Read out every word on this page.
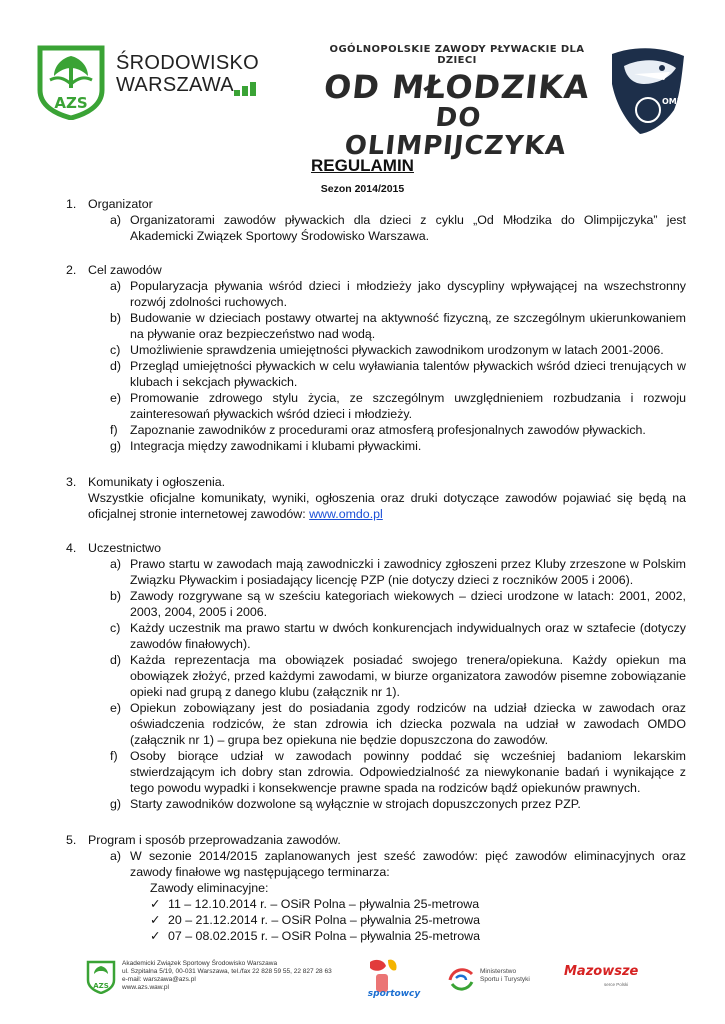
AZS
ŚRODOWISKO
WARSZAWA
OGÓLNOPOLSKIE ZAWODY PŁYWACKIE DLA DZIECI
OD MŁODZIKA
DO OLIMPIJCZYKA
OMDO
REGULAMIN
Sezon 2014/2015
1. Organizator
a) Organizatorami zawodów pływackich dla dzieci z cyklu „Od Młodzika do Olimpijczyka” jest Akademicki Związek Sportowy Środowisko Warszawa.
2. Cel zawodów
a) Popularyzacja pływania wśród dzieci i młodzieży jako dyscypliny wpływającej na wszechstronny rozwój zdolności ruchowych.
b) Budowanie w dzieciach postawy otwartej na aktywność fizyczną, ze szczególnym ukierunkowaniem na pływanie oraz bezpieczeństwo nad wodą.
c) Umożliwienie sprawdzenia umiejętności pływackich zawodnikom urodzonym w latach 2001-2006.
d) Przegląd umiejętności pływackich w celu wyławiania talentów pływackich wśród dzieci trenujących w klubach i sekcjach pływackich.
e) Promowanie zdrowego stylu życia, ze szczególnym uwzględnieniem rozbudzania i rozwoju zainteresowań pływackich wśród dzieci i młodzieży.
f) Zapoznanie zawodników z procedurami oraz atmosferą profesjonalnych zawodów pływackich.
g) Integracja między zawodnikami i klubami pływackimi.
3. Komunikaty i ogłoszenia.
Wszystkie oficjalne komunikaty, wyniki, ogłoszenia oraz druki dotyczące zawodów pojawiać się będą na oficjalnej stronie internetowej zawodów: www.omdo.pl
4. Uczestnictwo
a) Prawo startu w zawodach mają zawodniczki i zawodnicy zgłoszeni przez Kluby zrzeszone w Polskim Związku Pływackim i posiadający licencję PZP (nie dotyczy dzieci z roczników 2005 i 2006).
b) Zawody rozgrywane są w sześciu kategoriach wiekowych – dzieci urodzone w latach: 2001, 2002, 2003, 2004, 2005 i 2006.
c) Każdy uczestnik ma prawo startu w dwóch konkurencjach indywidualnych oraz w sztafecie (dotyczy zawodów finałowych).
d) Każda reprezentacja ma obowiązek posiadać swojego trenera/opiekuna. Każdy opiekun ma obowiązek złożyć, przed każdymi zawodami, w biurze organizatora zawodów pisemne zobowiązanie opieki nad grupą z danego klubu (załącznik nr 1).
e) Opiekun zobowiązany jest do posiadania zgody rodziców na udział dziecka w zawodach oraz oświadczenia rodziców, że stan zdrowia ich dziecka pozwala na udział w zawodach OMDO (załącznik nr 1) – grupa bez opiekuna nie będzie dopuszczona do zawodów.
f) Osoby biorące udział w zawodach powinny poddać się wcześniej badaniom lekarskim stwierdzającym ich dobry stan zdrowia. Odpowiedzialność za niewykonanie badań i wynikające z tego powodu wypadki i konsekwencje prawne spada na rodziców bądź opiekunów prawnych.
g) Starty zawodników dozwolone są wyłącznie w strojach dopuszczonych przez PZP.
5. Program i sposób przeprowadzania zawodów.
a) W sezonie 2014/2015 zaplanowanych jest sześć zawodów: pięć zawodów eliminacyjnych oraz zawody finałowe wg następującego terminarza:
Zawody eliminacyjne:
✓ 11 – 12.10.2014 r. – OSiR Polna – pływalnia 25-metrowa
✓ 20 – 21.12.2014 r. – OSiR Polna – pływalnia 25-metrowa
✓ 07 – 08.02.2015 r. – OSiR Polna – pływalnia 25-metrowa
AZS
Akademicki Związek Sportowy Środowisko Warszawa
ul. Szpitalna 5/19, 00-031 Warszawa, tel./fax 22 828 59 55, 22 827 28 63
e-mail: warszawa@azs.pl
www.azs.waw.pl
sportowcy
Ministerstwo
Sportu i Turystyki
Mazowsze
serce Polski
